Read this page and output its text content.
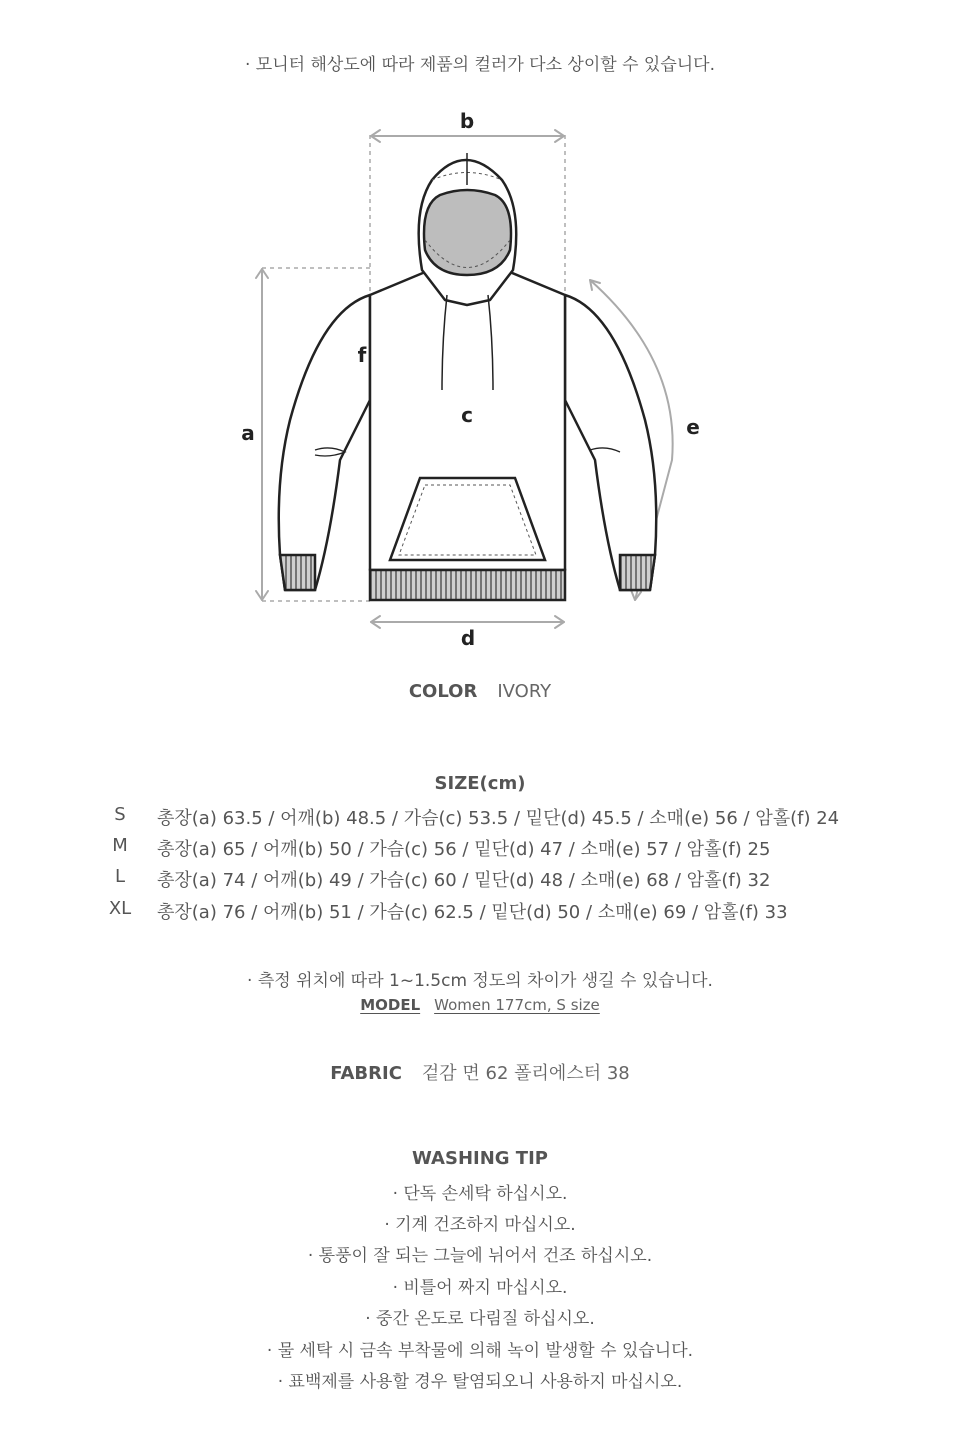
· 모니터 해상도에 따라 제품의 컬러가 다소 상이할 수 있습니다.
b
a
f
c
d
e
COLOR IVORY
SIZE(cm)
S	총장(a) 63.5 / 어깨(b) 48.5 / 가슴(c) 53.5 / 밑단(d) 45.5 / 소매(e) 56 / 암홀(f) 24
M	총장(a) 65 / 어깨(b) 50 / 가슴(c) 56 / 밑단(d) 47 / 소매(e) 57 / 암홀(f) 25
L	총장(a) 74 / 어깨(b) 49 / 가슴(c) 60 / 밑단(d) 48 / 소매(e) 68 / 암홀(f) 32
XL	총장(a) 76 / 어깨(b) 51 / 가슴(c) 62.5 / 밑단(d) 50 / 소매(e) 69 / 암홀(f) 33
· 측정 위치에 따라 1~1.5cm 정도의 차이가 생길 수 있습니다.
MODEL Women 177cm, S size
FABRIC 겉감 면 62 폴리에스터 38
WASHING TIP
· 단독 손세탁 하십시오.
· 기계 건조하지 마십시오.
· 통풍이 잘 되는 그늘에 뉘어서 건조 하십시오.
· 비틀어 짜지 마십시오.
· 중간 온도로 다림질 하십시오.
· 물 세탁 시 금속 부착물에 의해 녹이 발생할 수 있습니다.
· 표백제를 사용할 경우 탈염되오니 사용하지 마십시오.
